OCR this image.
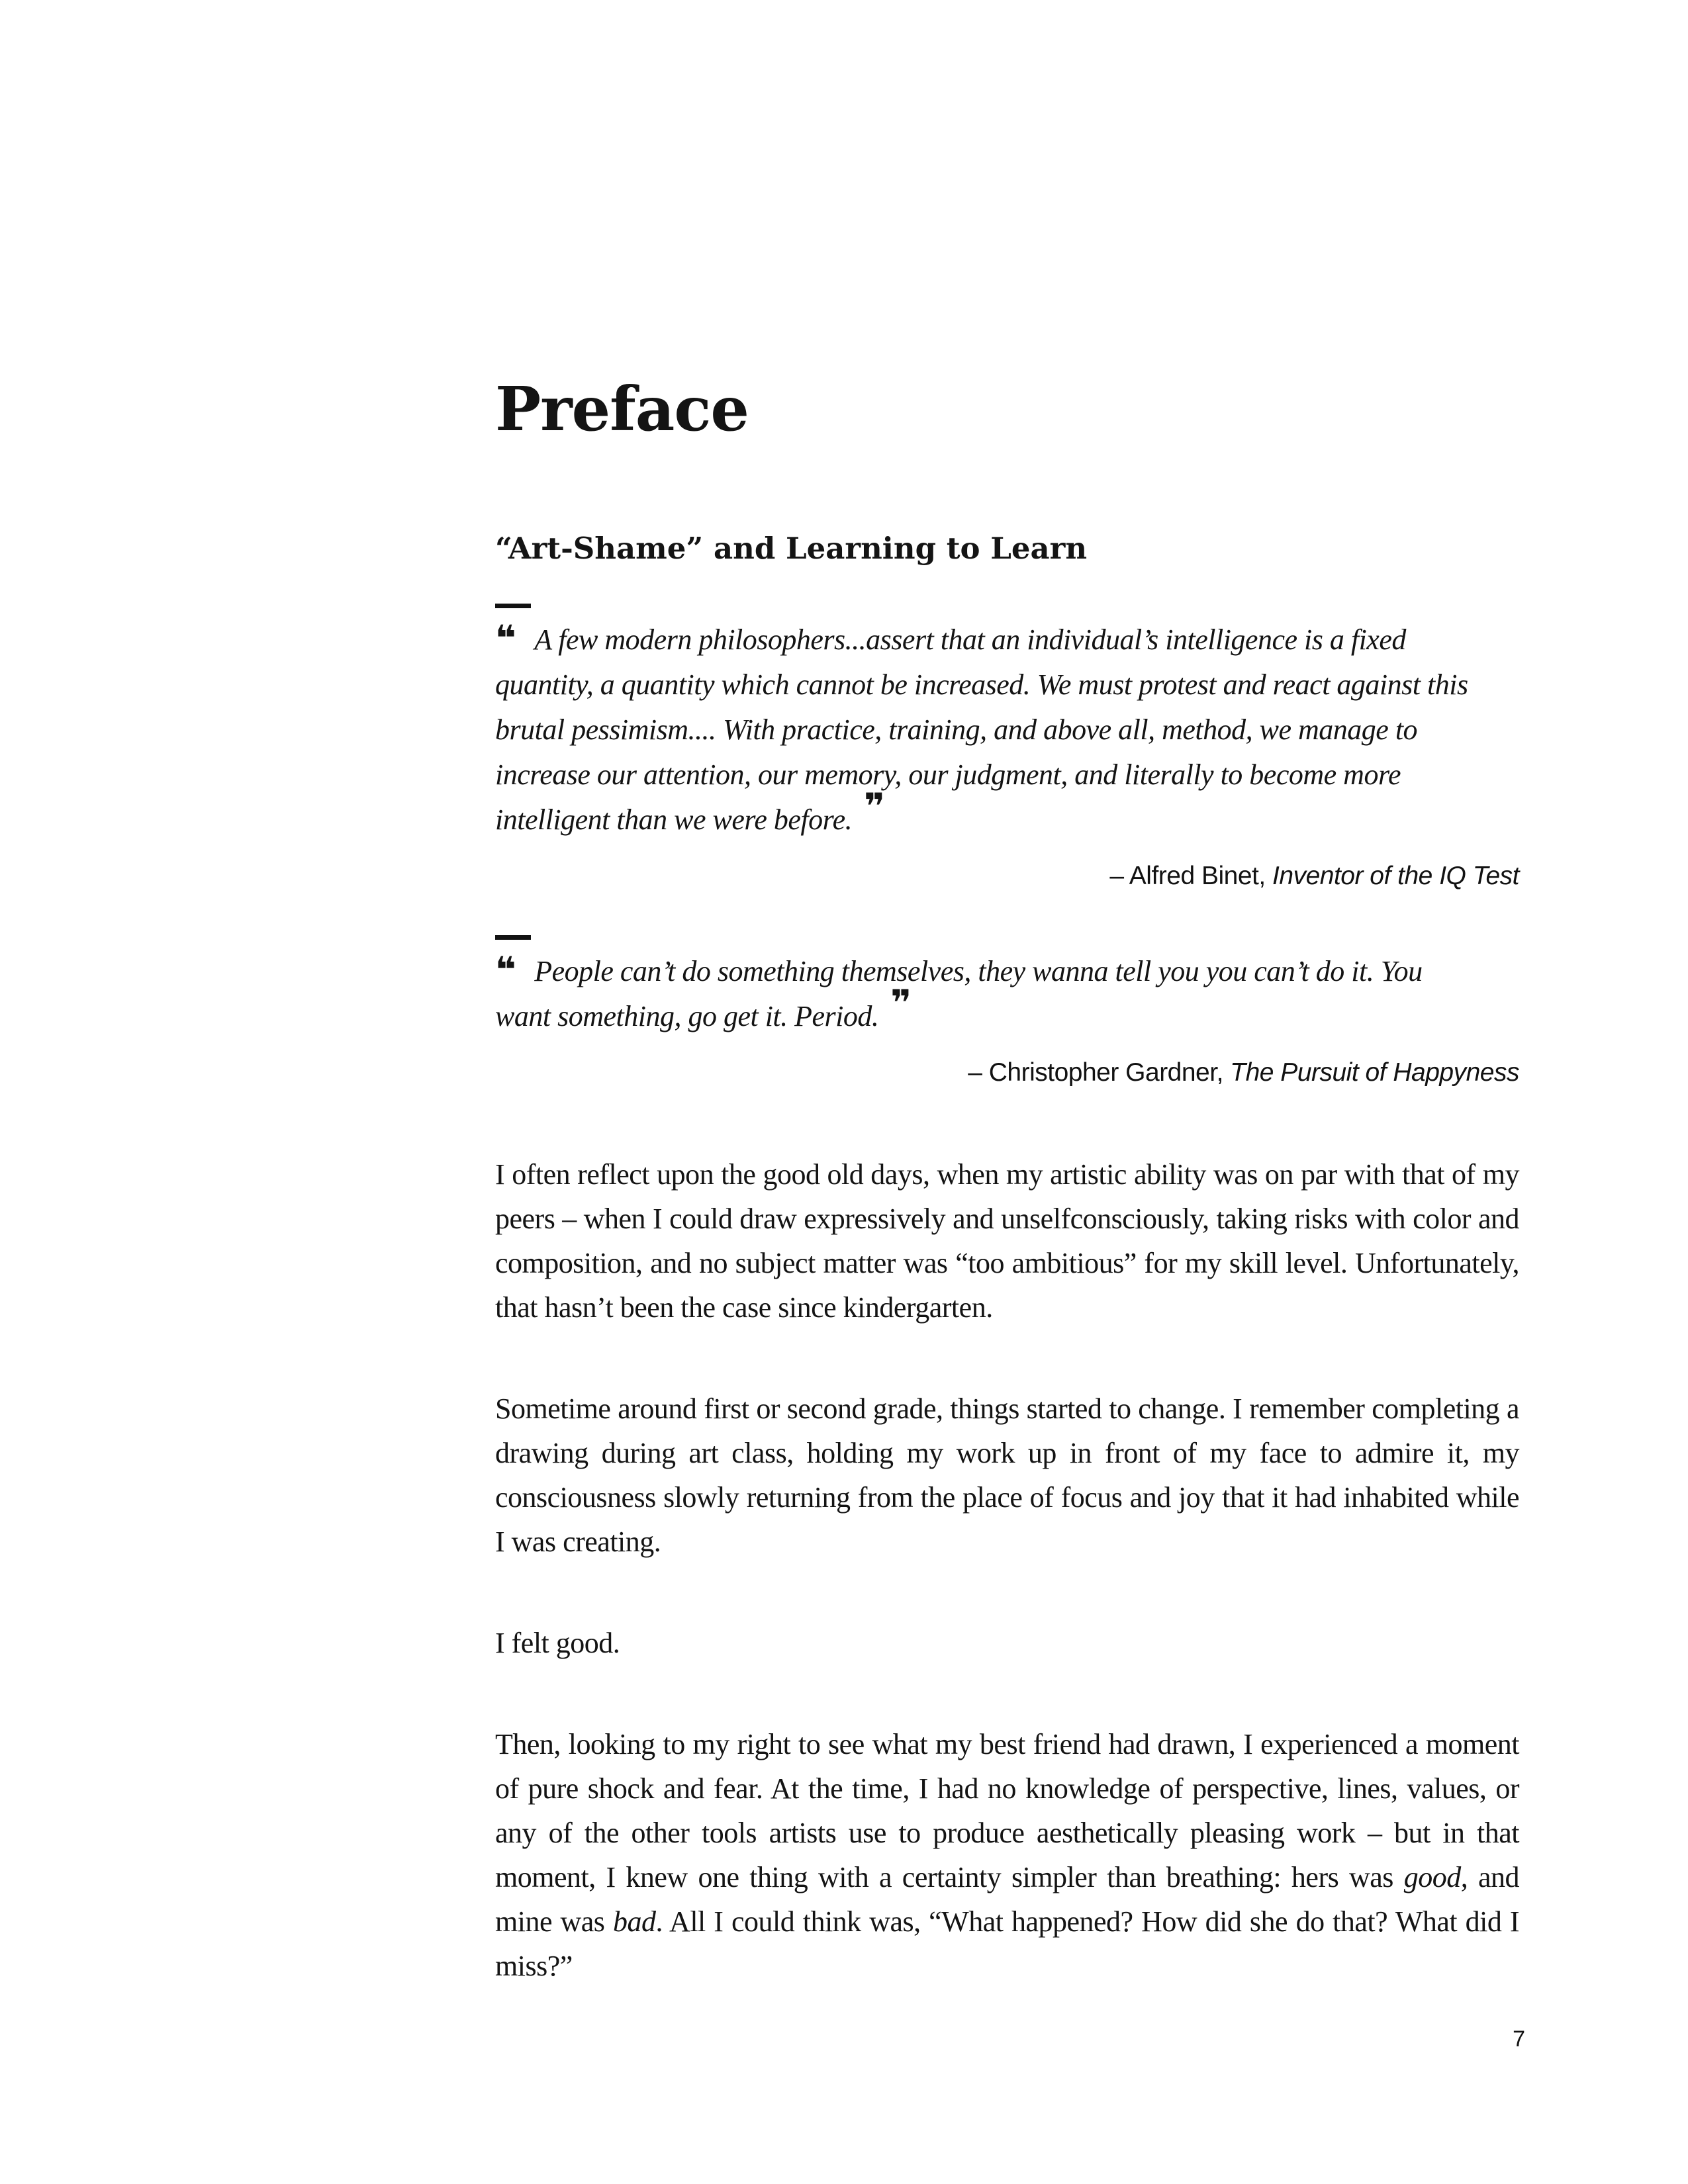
Preface
“Art-Shame” and Learning to Learn
❝ A few modern philosophers...assert that an individual’s intelligence is a fixed quantity, a quantity which cannot be increased. We must protest and react against this brutal pessimism.... With practice, training, and above all, method, we manage to increase our attention, our memory, our judgment, and literally to become more intelligent than we were before. ❞
– Alfred Binet, Inventor of the IQ Test
❝ People can’t do something themselves, they wanna tell you you can’t do it. You want something, go get it. Period. ❞
– Christopher Gardner, The Pursuit of Happyness

I often reflect upon the good old days, when my artistic ability was on par with that of my peers – when I could draw expressively and unselfconsciously, taking risks with color and composition, and no subject matter was “too ambitious” for my skill level. Unfortunately, that hasn’t been the case since kindergarten.

Sometime around first or second grade, things started to change. I remember completing a drawing during art class, holding my work up in front of my face to admire it, my consciousness slowly returning from the place of focus and joy that it had inhabited while I was creating.

I felt good.

Then, looking to my right to see what my best friend had drawn, I experienced a moment of pure shock and fear. At the time, I had no knowledge of perspective, lines, values, or any of the other tools artists use to produce aesthetically pleasing work – but in that moment, I knew one thing with a certainty simpler than breathing: hers was good, and mine was bad. All I could think was, “What happened? How did she do that? What did I miss?”

7
